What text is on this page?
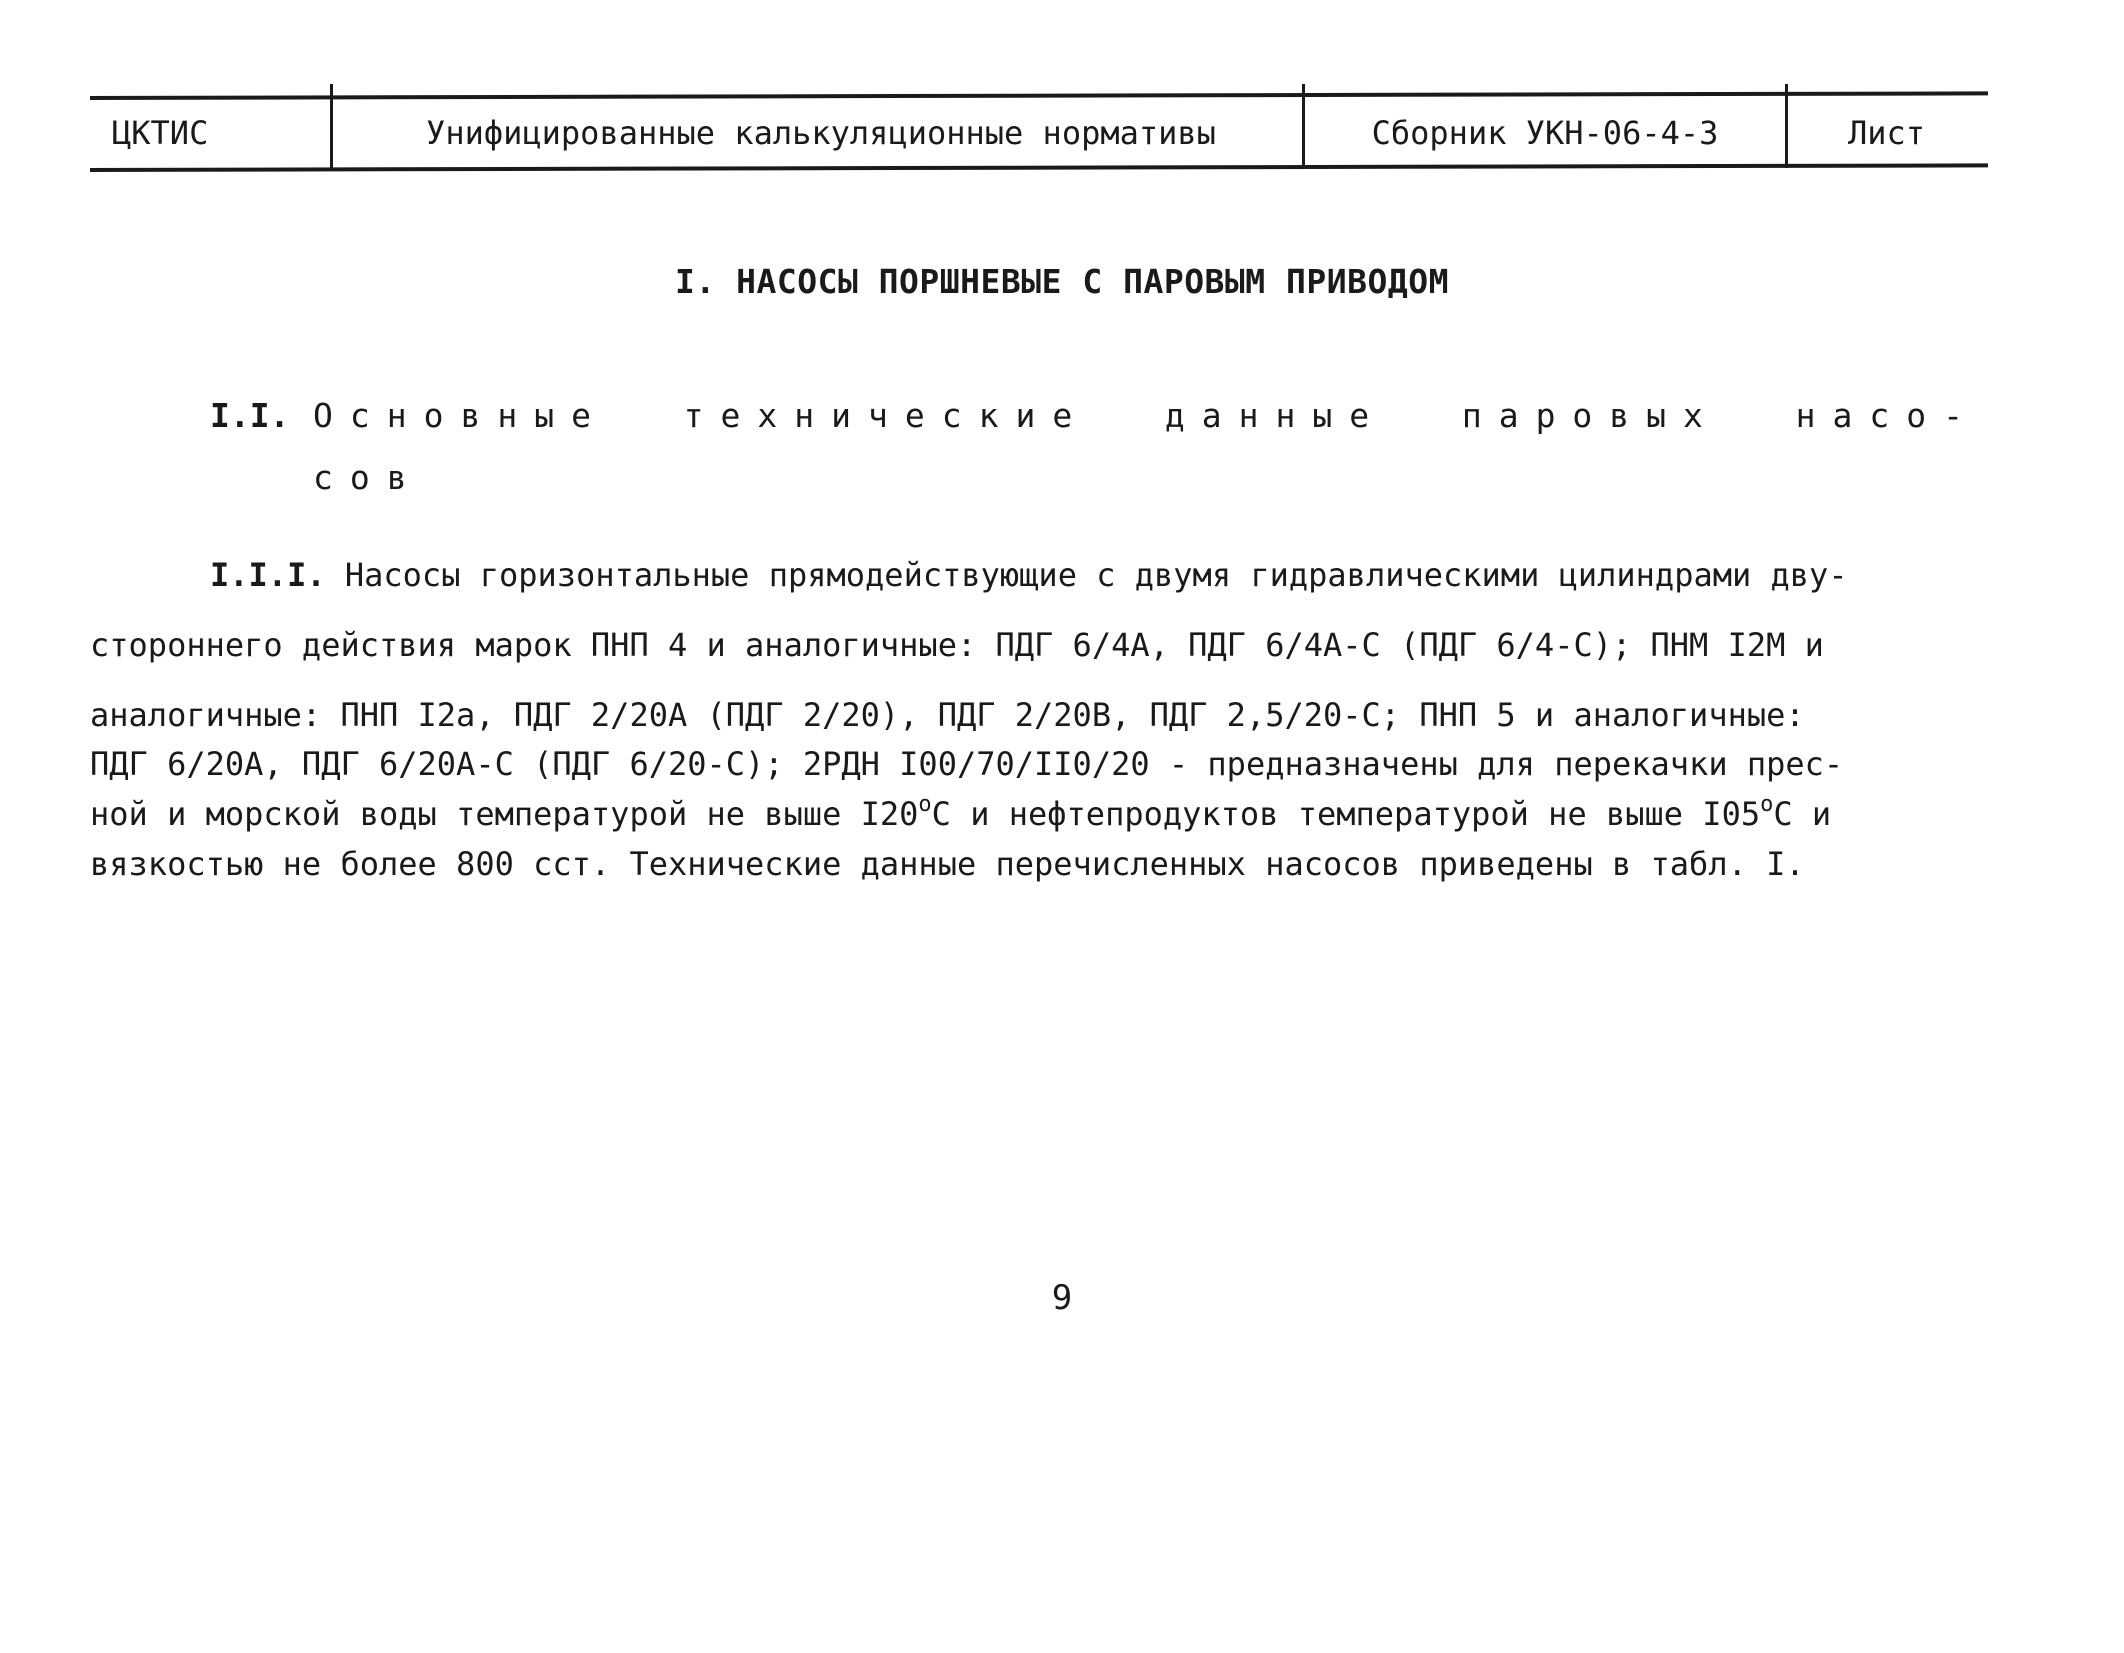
ЦКТИС	Унифицированные калькуляционные нормативы	Сборник УКН-06-4-3	Лист
I. НАСОСЫ ПОРШНЕВЫЕ С ПАРОВЫМ ПРИВОДОМ
I.I. Основные технические данные паровых насо-
сов
I.I.I. Насосы горизонтальные прямодействующие с двумя гидравлическими цилиндрами дву-
стороннего действия марок ПНП 4 и аналогичные: ПДГ 6/4А, ПДГ 6/4А-С (ПДГ 6/4-С); ПНМ I2М и
аналогичные: ПНП I2а, ПДГ 2/20А (ПДГ 2/20), ПДГ 2/20В, ПДГ 2,5/20-С; ПНП 5 и аналогичные:
ПДГ 6/20А, ПДГ 6/20А-С (ПДГ 6/20-С); 2РДН I00/70/II0/20 - предназначены для перекачки прес-
ной и морской воды температурой не выше $I20^оС$ и нефтепродуктов температурой не выше $I05^оС$ и
вязкостью не более 800 сст. Технические данные перечисленных насосов приведены в табл. I.
9
